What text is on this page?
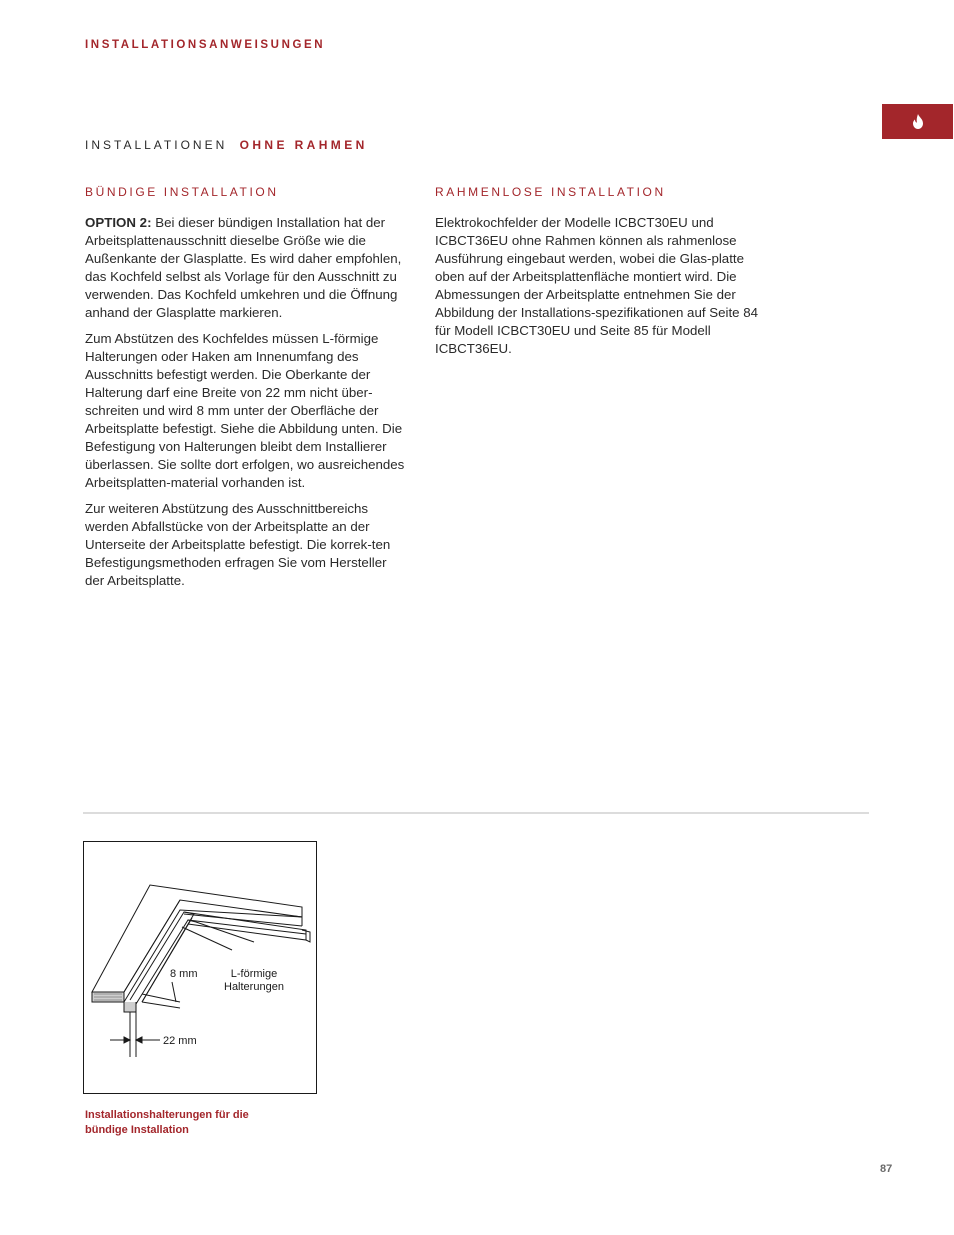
INSTALLATIONSANWEISUNGEN
INSTALLATIONEN OHNE RAHMEN
BÜNDIGE INSTALLATION

OPTION 2: Bei dieser bündigen Installation hat der Arbeitsplattenausschnitt dieselbe Größe wie die Außenkante der Glasplatte. Es wird daher empfohlen, das Kochfeld selbst als Vorlage für den Ausschnitt zu verwenden. Das Kochfeld umkehren und die Öffnung anhand der Glasplatte markieren.

Zum Abstützen des Kochfeldes müssen L-förmige Halterungen oder Haken am Innenumfang des Ausschnitts befestigt werden. Die Oberkante der Halterung darf eine Breite von 22 mm nicht über-schreiten und wird 8 mm unter der Oberfläche der Arbeitsplatte befestigt. Siehe die Abbildung unten. Die Befestigung von Halterungen bleibt dem Installierer überlassen. Sie sollte dort erfolgen, wo ausreichendes Arbeitsplatten-material vorhanden ist.

Zur weiteren Abstützung des Ausschnittbereichs werden Abfallstücke von der Arbeitsplatte an der Unterseite der Arbeitsplatte befestigt. Die korrek-ten Befestigungsmethoden erfragen Sie vom Hersteller der Arbeitsplatte.

RAHMENLOSE INSTALLATION

Elektrokochfelder der Modelle ICBCT30EU und ICBCT36EU ohne Rahmen können als rahmenlose Ausführung eingebaut werden, wobei die Glas-platte oben auf der Arbeitsplattenfläche montiert wird. Die Abmessungen der Arbeitsplatte entnehmen Sie der Abbildung der Installations-spezifikationen auf Seite 84 für Modell ICBCT30EU und Seite 85 für Modell ICBCT36EU.

8 mm	L-förmige
Halterungen
22 mm
Installationshalterungen für die
bündige Installation
87
